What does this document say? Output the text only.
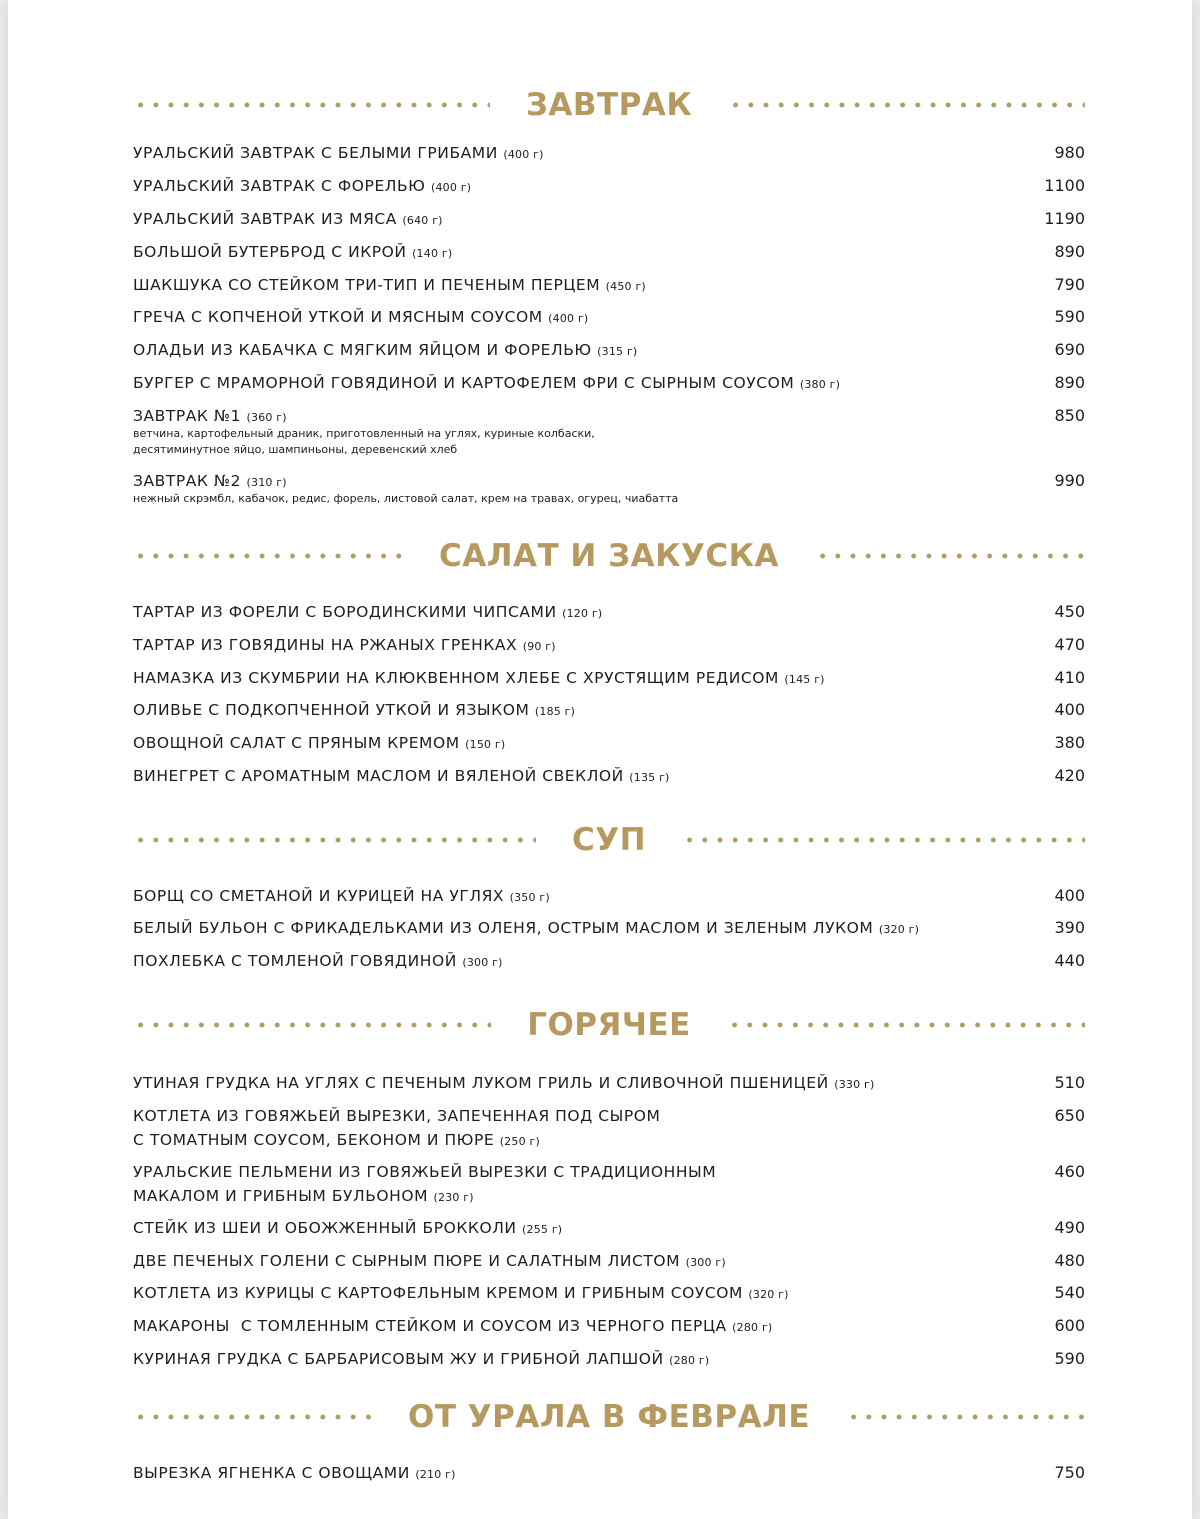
ЗАВТРАК
УРАЛЬСКИЙ ЗАВТРАК С БЕЛЫМИ ГРИБАМИ (400 г)	980
УРАЛЬСКИЙ ЗАВТРАК С ФОРЕЛЬЮ (400 г)	1100
УРАЛЬСКИЙ ЗАВТРАК ИЗ МЯСА (640 г)	1190
БОЛЬШОЙ БУТЕРБРОД С ИКРОЙ (140 г)	890
ШАКШУКА СО СТЕЙКОМ ТРИ-ТИП И ПЕЧЕНЫМ ПЕРЦЕМ (450 г)	790
ГРЕЧА С КОПЧЕНОЙ УТКОЙ И МЯСНЫМ СОУСОМ (400 г)	590
ОЛАДЬИ ИЗ КАБАЧКА С МЯГКИМ ЯЙЦОМ И ФОРЕЛЬЮ (315 г)	690
БУРГЕР С МРАМОРНОЙ ГОВЯДИНОЙ И КАРТОФЕЛЕМ ФРИ С СЫРНЫМ СОУСОМ (380 г)	890
ЗАВТРАК №1 (360 г)
ветчина, картофельный драник, приготовленный на углях, куриные колбаски,
десятиминутное яйцо, шампиньоны, деревенский хлеб
850
ЗАВТРАК №2 (310 г)
нежный скрэмбл, кабачок, редис, форель, листовой салат, крем на травах, огурец, чиабатта
990
САЛАТ И ЗАКУСКА
ТАРТАР ИЗ ФОРЕЛИ С БОРОДИНСКИМИ ЧИПСАМИ (120 г)	450
ТАРТАР ИЗ ГОВЯДИНЫ НА РЖАНЫХ ГРЕНКАХ (90 г)	470
НАМАЗКА ИЗ СКУМБРИИ НА КЛЮКВЕННОМ ХЛЕБЕ С ХРУСТЯЩИМ РЕДИСОМ (145 г)	410
ОЛИВЬЕ С ПОДКОПЧЕННОЙ УТКОЙ И ЯЗЫКОМ (185 г)	400
ОВОЩНОЙ САЛАТ С ПРЯНЫМ КРЕМОМ (150 г)	380
ВИНЕГРЕТ С АРОМАТНЫМ МАСЛОМ И ВЯЛЕНОЙ СВЕКЛОЙ (135 г)	420
СУП
БОРЩ СО СМЕТАНОЙ И КУРИЦЕЙ НА УГЛЯХ (350 г)	400
БЕЛЫЙ БУЛЬОН С ФРИКАДЕЛЬКАМИ ИЗ ОЛЕНЯ, ОСТРЫМ МАСЛОМ И ЗЕЛЕНЫМ ЛУКОМ (320 г)	390
ПОХЛЕБКА С ТОМЛЕНОЙ ГОВЯДИНОЙ (300 г)	440
ГОРЯЧЕЕ
УТИНАЯ ГРУДКА НА УГЛЯХ С ПЕЧЕНЫМ ЛУКОМ ГРИЛЬ И СЛИВОЧНОЙ ПШЕНИЦЕЙ (330 г)	510
КОТЛЕТА ИЗ ГОВЯЖЬЕЙ ВЫРЕЗКИ, ЗАПЕЧЕННАЯ ПОД СЫРОМ
С ТОМАТНЫМ СОУСОМ, БЕКОНОМ И ПЮРЕ (250 г)
650
УРАЛЬСКИЕ ПЕЛЬМЕНИ ИЗ ГОВЯЖЬЕЙ ВЫРЕЗКИ С ТРАДИЦИОННЫМ
МАКАЛОМ И ГРИБНЫМ БУЛЬОНОМ (230 г)
460
СТЕЙК ИЗ ШЕИ И ОБОЖЖЕННЫЙ БРОККОЛИ (255 г)	490
ДВЕ ПЕЧЕНЫХ ГОЛЕНИ С СЫРНЫМ ПЮРЕ И САЛАТНЫМ ЛИСТОМ (300 г)	480
КОТЛЕТА ИЗ КУРИЦЫ С КАРТОФЕЛЬНЫМ КРЕМОМ И ГРИБНЫМ СОУСОМ (320 г)	540
МАКАРОНЫ  С ТОМЛЕННЫМ СТЕЙКОМ И СОУСОМ ИЗ ЧЕРНОГО ПЕРЦА (280 г)	600
КУРИНАЯ ГРУДКА С БАРБАРИСОВЫМ ЖУ И ГРИБНОЙ ЛАПШОЙ (280 г)	590
ОТ УРАЛА В ФЕВРАЛЕ
ВЫРЕЗКА ЯГНЕНКА С ОВОЩАМИ (210 г)	750
